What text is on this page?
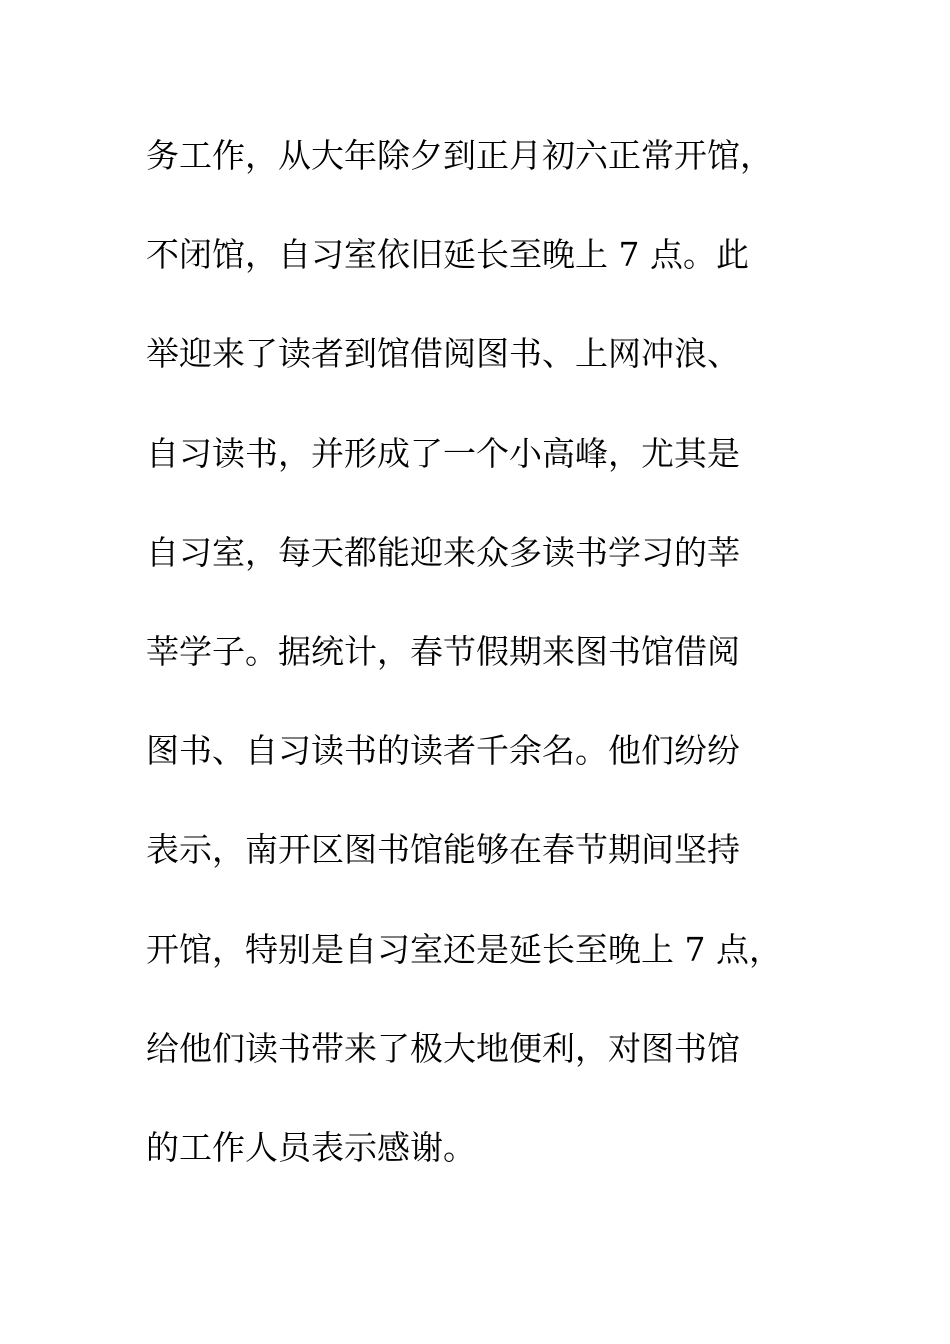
务工作，从大年除夕到正月初六正常开馆，
不闭馆，自习室依旧延长至晚上 7 点。此
举迎来了读者到馆借阅图书、上网冲浪、
自习读书，并形成了一个小高峰，尤其是
自习室，每天都能迎来众多读书学习的莘
莘学子。据统计，春节假期来图书馆借阅
图书、自习读书的读者千余名。他们纷纷
表示，南开区图书馆能够在春节期间坚持
开馆，特别是自习室还是延长至晚上 7 点，
给他们读书带来了极大地便利，对图书馆
的工作人员表示感谢。
